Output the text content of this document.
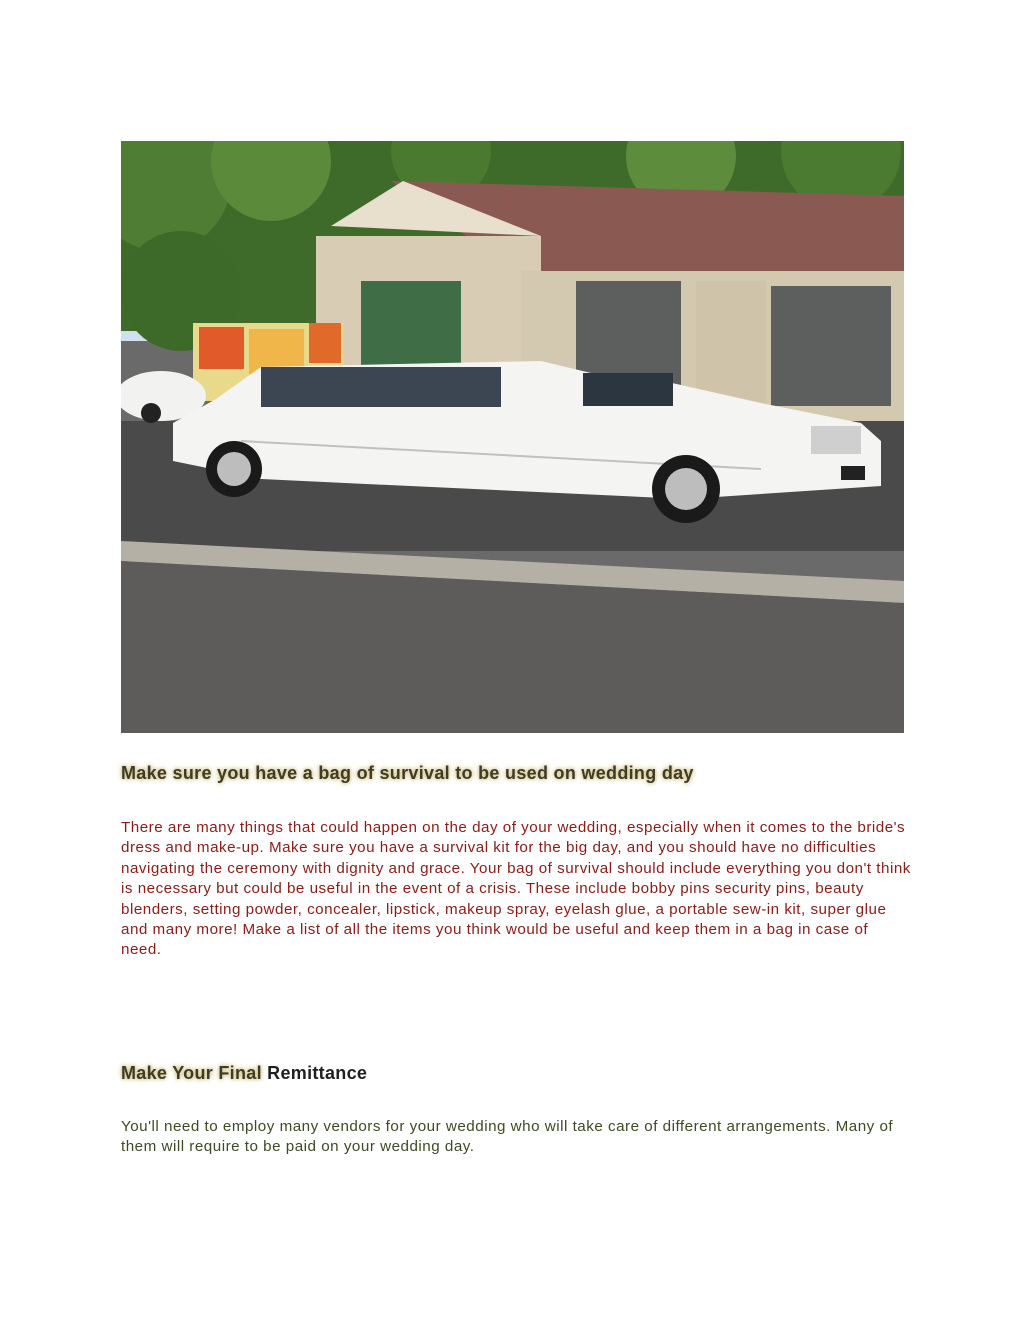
Make sure you have a bag of survival to be used on wedding day

There are many things that could happen on the day of your wedding, especially when it comes to the bride's dress and make-up. Make sure you have a survival kit for the big day, and you should have no difficulties navigating the ceremony with dignity and grace. Your bag of survival should include everything you don't think is necessary but could be useful in the event of a crisis. These include bobby pins security pins, beauty blenders, setting powder, concealer, lipstick, makeup spray, eyelash glue, a portable sew-in kit, super glue and many more! Make a list of all the items you think would be useful and keep them in a bag in case of need.

Make Your Final Remittance

You'll need to employ many vendors for your wedding who will take care of different arrangements. Many of them will require to be paid on your wedding day.
